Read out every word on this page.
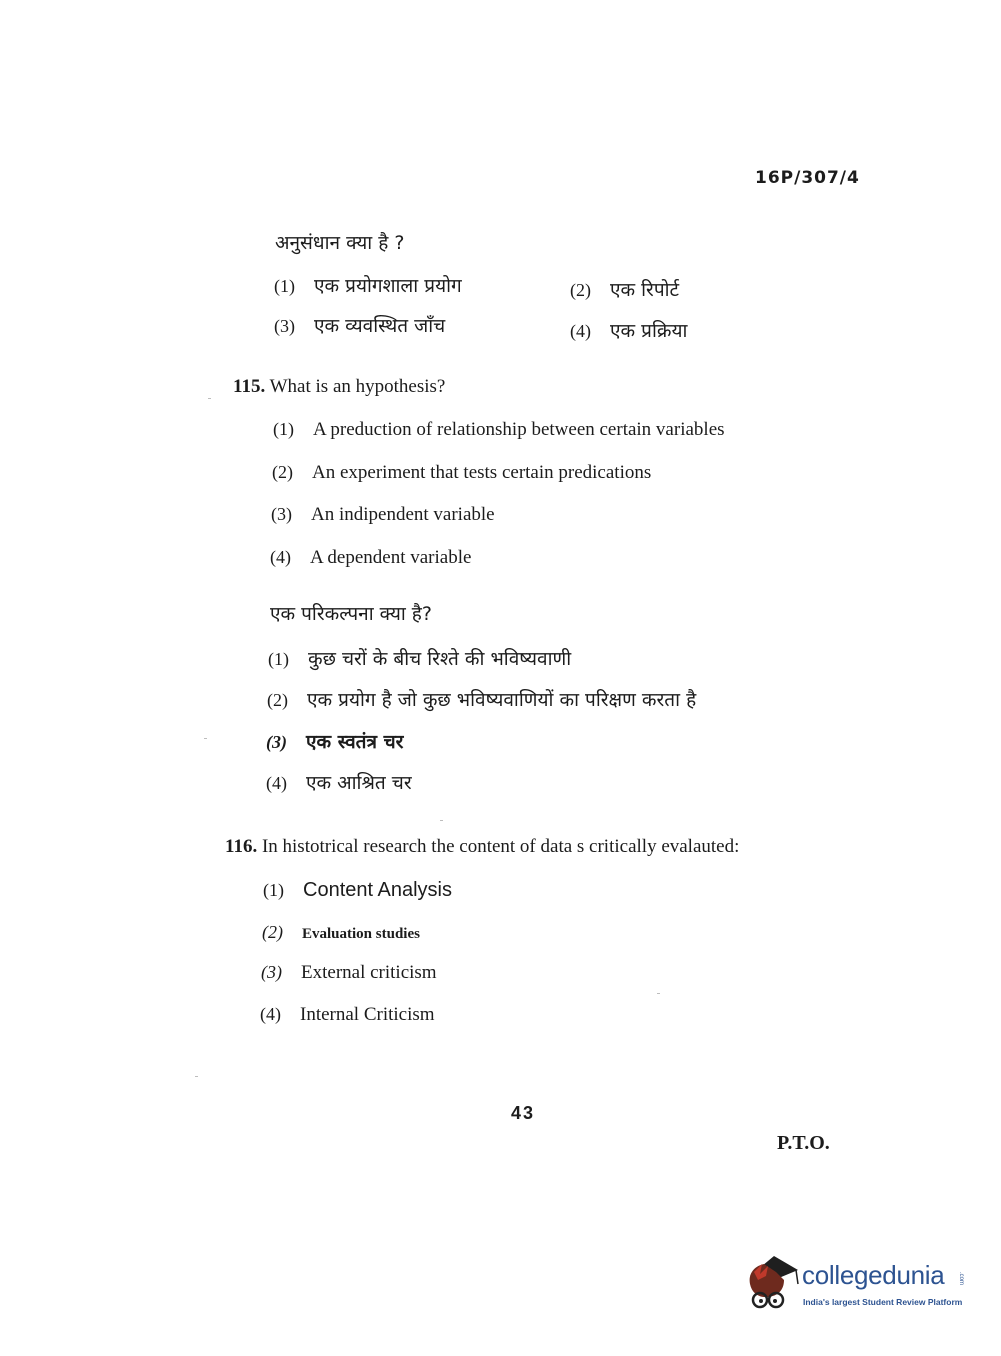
16P/307/4
अनुसंधान क्या है ?
(1) एक प्रयोगशाला प्रयोग	(2) एक रिपोर्ट
(3) एक व्यवस्थित जाँच	(4) एक प्रक्रिया
115. What is an hypothesis?
(1) A preduction of relationship between certain variables
(2) An experiment that tests certain predications
(3) An indipendent variable
(4) A dependent variable
एक परिकल्पना क्या है?
(1) कुछ चरों के बीच रिश्ते की भविष्यवाणी
(2) एक प्रयोग है जो कुछ भविष्यवाणियों का परिक्षण करता है
(3) एक स्वतंत्र चर
(4) एक आश्रित चर
116. In histotrical research the content of data s critically evalauted:
(1) Content Analysis
(2) Evaluation studies
(3) External criticism
(4) Internal Criticism
43
P.T.O.
collegedunia .com
India's largest Student Review Platform
